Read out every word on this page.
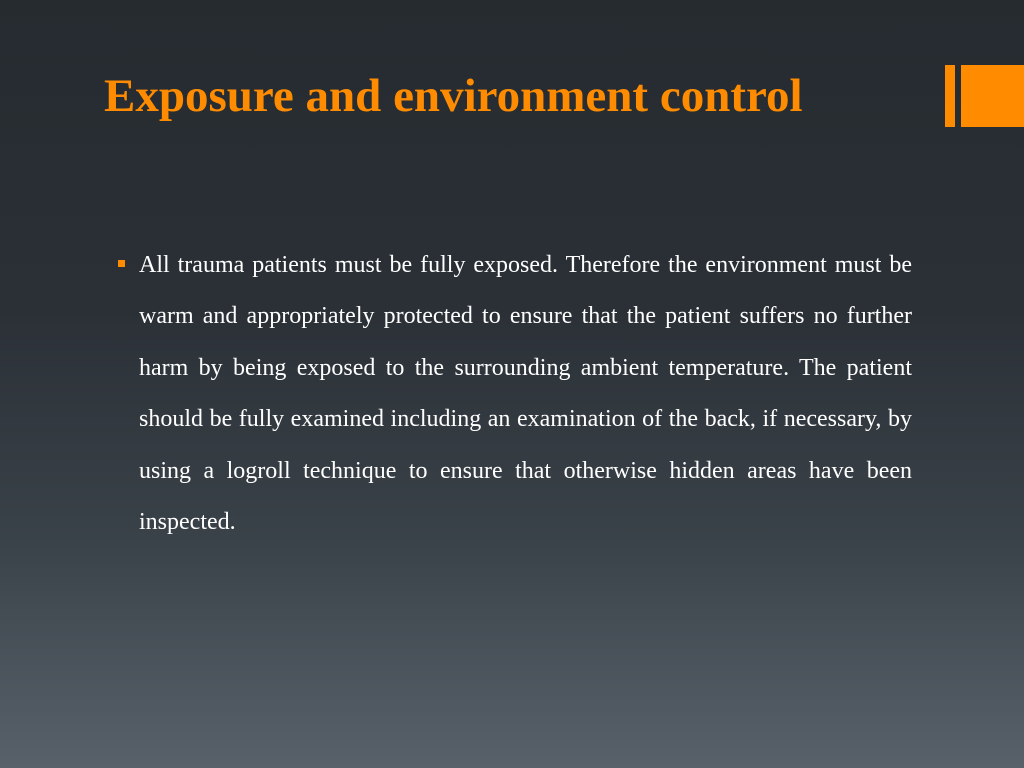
Exposure and environment control

All trauma patients must be fully exposed. Therefore the environment must be warm and appropriately protected to ensure that the patient suffers no further harm by being exposed to the surrounding ambient temperature. The patient should be fully examined including an examination of the back, if necessary, by using a logroll technique to ensure that otherwise hidden areas have been inspected.
